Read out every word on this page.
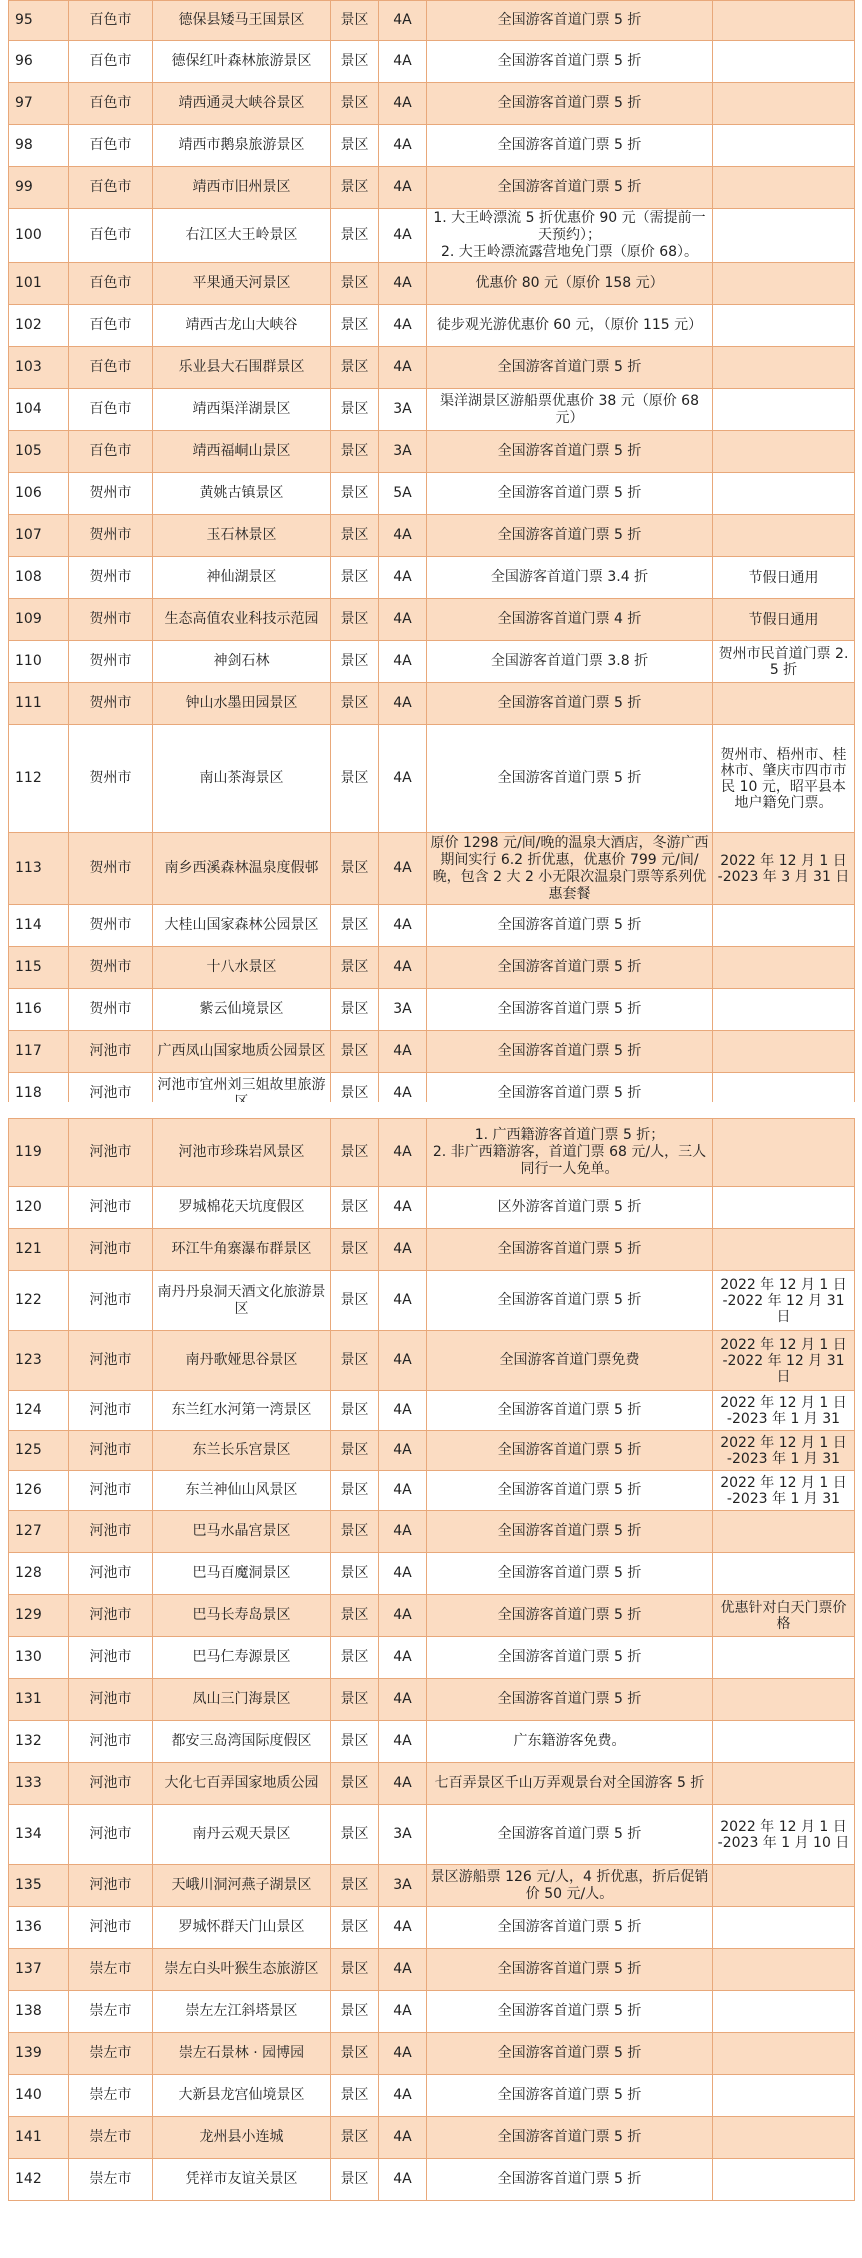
95	百色市	德保县矮马王国景区	景区	4A	全国游客首道门票 5 折	
96	百色市	德保红叶森林旅游景区	景区	4A	全国游客首道门票 5 折	
97	百色市	靖西通灵大峡谷景区	景区	4A	全国游客首道门票 5 折	
98	百色市	靖西市鹅泉旅游景区	景区	4A	全国游客首道门票 5 折	
99	百色市	靖西市旧州景区	景区	4A	全国游客首道门票 5 折	
100	百色市	右江区大王岭景区	景区	4A	1. 大王岭漂流 5 折优惠价 90 元（需提前一天预约）；
2. 大王岭漂流露营地免门票（原价 68）。	
101	百色市	平果通天河景区	景区	4A	优惠价 80 元（原价 158 元）	
102	百色市	靖西古龙山大峡谷	景区	4A	徒步观光游优惠价 60 元，（原价 115 元）	
103	百色市	乐业县大石围群景区	景区	4A	全国游客首道门票 5 折	
104	百色市	靖西渠洋湖景区	景区	3A	渠洋湖景区游船票优惠价 38 元（原价 68 元）	
105	百色市	靖西福峒山景区	景区	3A	全国游客首道门票 5 折	
106	贺州市	黄姚古镇景区	景区	5A	全国游客首道门票 5 折	
107	贺州市	玉石林景区	景区	4A	全国游客首道门票 5 折	
108	贺州市	神仙湖景区	景区	4A	全国游客首道门票 3.4 折	节假日通用
109	贺州市	生态高值农业科技示范园	景区	4A	全国游客首道门票 4 折	节假日通用
110	贺州市	神剑石林	景区	4A	全国游客首道门票 3.8 折	贺州市民首道门票 2.5 折
111	贺州市	钟山水墨田园景区	景区	4A	全国游客首道门票 5 折	
112	贺州市	南山茶海景区	景区	4A	全国游客首道门票 5 折	贺州市、梧州市、桂林市、肇庆市四市市民 10 元，昭平县本地户籍免门票。
113	贺州市	南乡西溪森林温泉度假邨	景区	4A	原价 1298 元/间/晚的温泉大酒店，冬游广西期间实行 6.2 折优惠，优惠价 799 元/间/晚，包含 2 大 2 小无限次温泉门票等系列优惠套餐	2022 年 12 月 1 日 -2023 年 3 月 31 日
114	贺州市	大桂山国家森林公园景区	景区	4A	全国游客首道门票 5 折	
115	贺州市	十八水景区	景区	4A	全国游客首道门票 5 折	
116	贺州市	紫云仙境景区	景区	3A	全国游客首道门票 5 折	
117	河池市	广西凤山国家地质公园景区	景区	4A	全国游客首道门票 5 折	
118	河池市	河池市宜州刘三姐故里旅游	景区	4A	全国游客首道门票 5 折	
119	河池市	河池市珍珠岩风景区	景区	4A	1. 广西籍游客首道门票 5 折；
2. 非广西籍游客，首道门票 68 元/人，三人同行一人免单。	
120	河池市	罗城棉花天坑度假区	景区	4A	区外游客首道门票 5 折	
121	河池市	环江牛角寨瀑布群景区	景区	4A	全国游客首道门票 5 折	
122	河池市	南丹丹泉洞天酒文化旅游景区	景区	4A	全国游客首道门票 5 折	2022 年 12 月 1 日 -2022 年 12 月 31 日
123	河池市	南丹歌娅思谷景区	景区	4A	全国游客首道门票免费	2022 年 12 月 1 日 -2022 年 12 月 31 日
124	河池市	东兰红水河第一湾景区	景区	4A	全国游客首道门票 5 折	2022 年 12 月 1 日 -2023 年 1 月 31
125	河池市	东兰长乐宫景区	景区	4A	全国游客首道门票 5 折	2022 年 12 月 1 日 -2023 年 1 月 31
126	河池市	东兰神仙山风景区	景区	4A	全国游客首道门票 5 折	2022 年 12 月 1 日 -2023 年 1 月 31
127	河池市	巴马水晶宫景区	景区	4A	全国游客首道门票 5 折	
128	河池市	巴马百魔洞景区	景区	4A	全国游客首道门票 5 折	
129	河池市	巴马长寿岛景区	景区	4A	全国游客首道门票 5 折	优惠针对白天门票价格
130	河池市	巴马仁寿源景区	景区	4A	全国游客首道门票 5 折	
131	河池市	凤山三门海景区	景区	4A	全国游客首道门票 5 折	
132	河池市	都安三岛湾国际度假区	景区	4A	广东籍游客免费。	
133	河池市	大化七百弄国家地质公园	景区	4A	七百弄景区千山万弄观景台对全国游客 5 折	
134	河池市	南丹云观天景区	景区	3A	全国游客首道门票 5 折	2022 年 12 月 1 日 -2023 年 1 月 10 日
135	河池市	天峨川洞河燕子湖景区	景区	3A	景区游船票 126 元/人，4 折优惠，折后促销价 50 元/人。	
136	河池市	罗城怀群天门山景区	景区	4A	全国游客首道门票 5 折	
137	崇左市	崇左白头叶猴生态旅游区	景区	4A	全国游客首道门票 5 折	
138	崇左市	崇左左江斜塔景区	景区	4A	全国游客首道门票 5 折	
139	崇左市	崇左石景林 · 园博园	景区	4A	全国游客首道门票 5 折	
140	崇左市	大新县龙宫仙境景区	景区	4A	全国游客首道门票 5 折	
141	崇左市	龙州县小连城	景区	4A	全国游客首道门票 5 折	
142	崇左市	凭祥市友谊关景区	景区	4A	全国游客首道门票 5 折	
